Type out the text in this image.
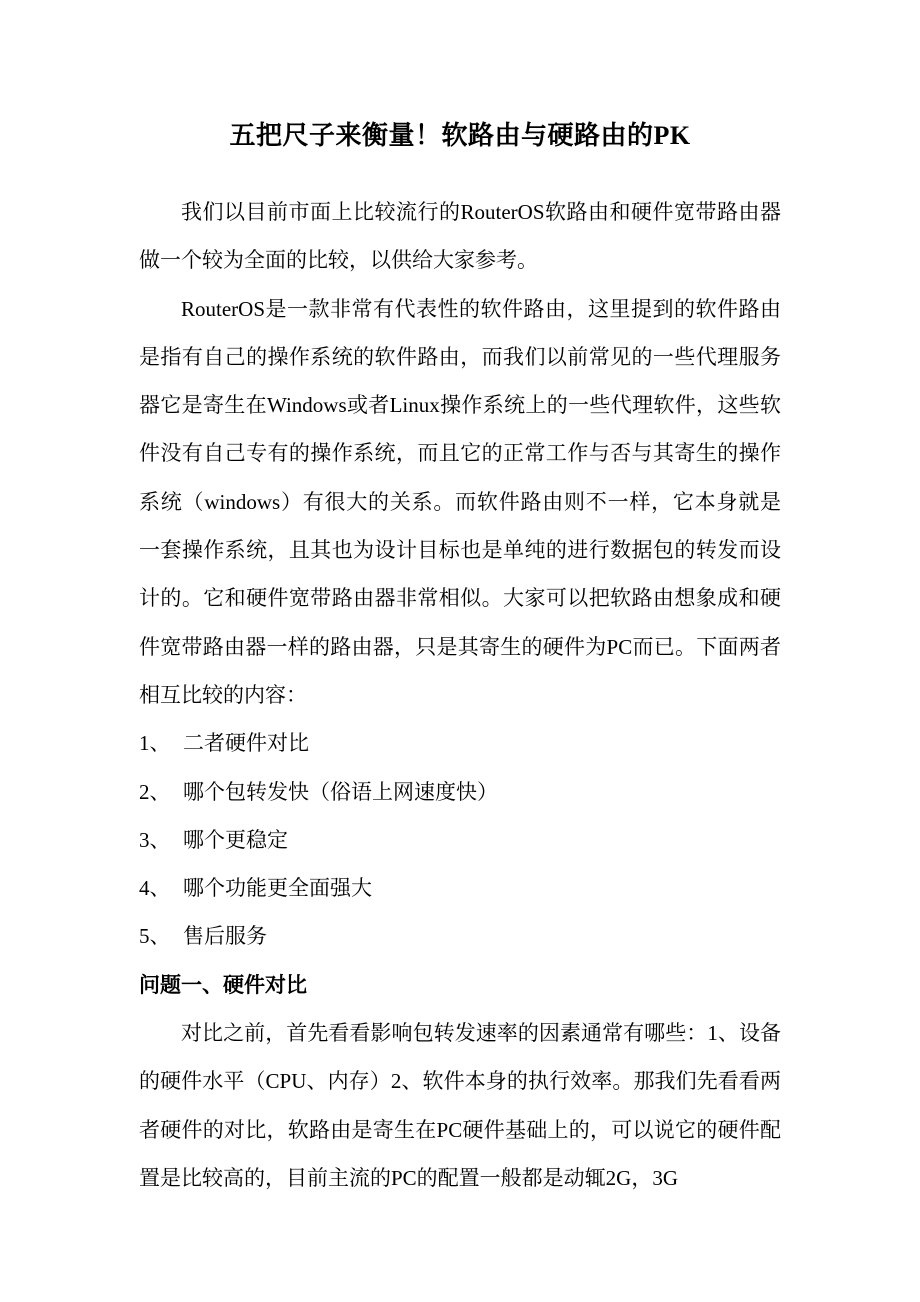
五把尺子来衡量！软路由与硬路由的PK

我们以目前市面上比较流行的RouterOS软路由和硬件宽带路由器做一个较为全面的比较，以供给大家参考。

RouterOS是一款非常有代表性的软件路由，这里提到的软件路由是指有自己的操作系统的软件路由，而我们以前常见的一些代理服务器它是寄生在Windows或者Linux操作系统上的一些代理软件，这些软件没有自己专有的操作系统，而且它的正常工作与否与其寄生的操作系统（windows）有很大的关系。而软件路由则不一样，它本身就是一套操作系统，且其也为设计目标也是单纯的进行数据包的转发而设计的。它和硬件宽带路由器非常相似。大家可以把软路由想象成和硬件宽带路由器一样的路由器，只是其寄生的硬件为PC而已。下面两者相互比较的内容：

1、 二者硬件对比
2、 哪个包转发快（俗语上网速度快）
3、 哪个更稳定
4、 哪个功能更全面强大
5、 售后服务

问题一、硬件对比

对比之前，首先看看影响包转发速率的因素通常有哪些：1、设备的硬件水平（CPU、内存）2、软件本身的执行效率。那我们先看看两者硬件的对比，软路由是寄生在PC硬件基础上的，可以说它的硬件配置是比较高的，目前主流的PC的配置一般都是动辄2G，3G
